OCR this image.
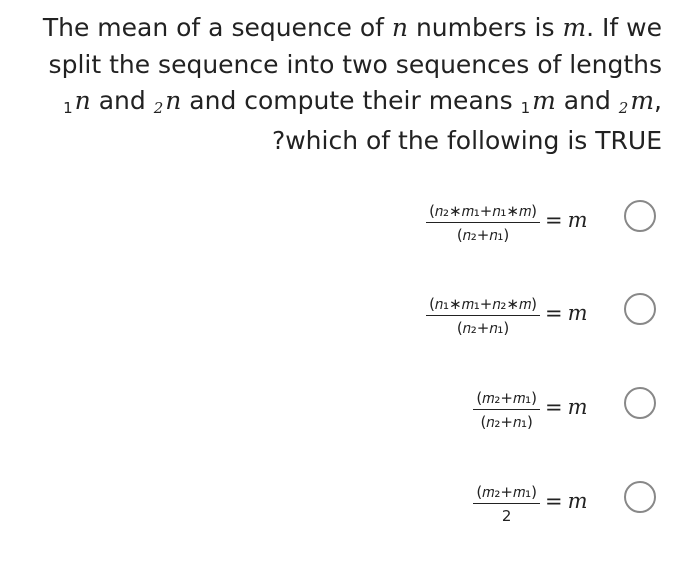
The mean of a sequence of n numbers is m. If we
split the sequence into two sequences of lengths
1n and 2n and compute their means 1m and 2m,
?which of the following is TRUE
(𝑛₂∗𝑚₁+𝑛₁∗𝑚)
(𝑛₂+𝑛₁)
= m
(𝑛₁∗𝑚₁+𝑛₂∗𝑚)
(𝑛₂+𝑛₁)
= m
(𝑚₂+𝑚₁)
(𝑛₂+𝑛₁)
= m
(𝑚₂+𝑚₁)
2
= m
